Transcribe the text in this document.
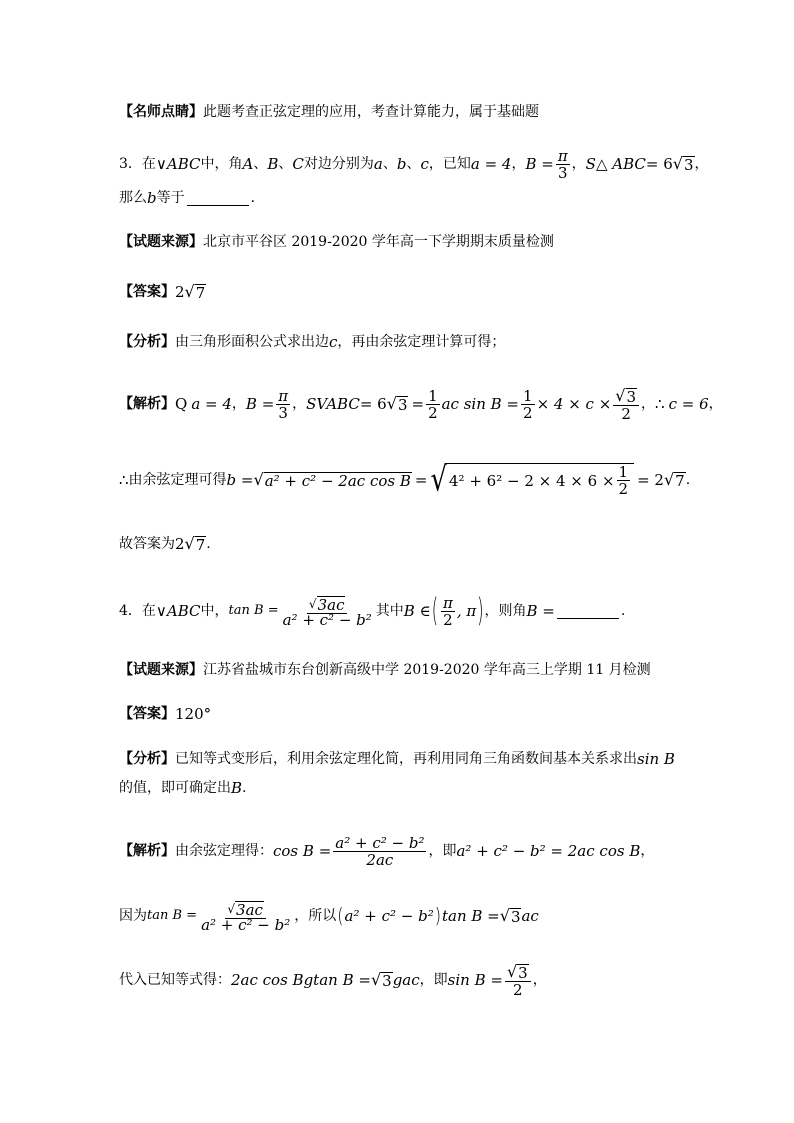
【名师点睛】 此题考查正弦定理的应用，考查计算能力，属于基础题
3． 在 ∨ ABC 中，角 A 、 B 、 C 对边分别为 a 、 b 、 c ，已知 a = 4 ， $B = \frac{\pi}{3}$ ， S △ ABC = 6 √ 3 ，
那么 b 等于	.
【试题来源】 北京市平谷区 2019-2020 学年高一下学期期末质量检测
【答案】 2 √ 7
【分析】 由三角形面积公式求出边 c ，再由余弦定理计算可得；
【解析】 Q a = 4 ， $B = \frac{\pi}{3}$ ， S VABC = 6 √ $3 = \frac{1}{2}$ ac $\sin B = \frac{1}{2} \times 4 \times c \times \frac{√ 3}{2}$ ， ∴ c = 6 ，
∴ 由余弦定理可得 b = √ a² + c² − 2ac cos B = √ $4^2 + 6^2 - 2 \times 4 \times 6 \times \frac{1}{2} = 2$ √ 7 .
故答案为 2 √ 7 .
4． 在 ∨ ABC 中， $\tan B = \frac{√ 3ac}{\text{a² + c² − b²}}$ 其中 B ∈ ( $\frac{\pi}{2}$ , π ) ，则角 B =	.
【试题来源】 江苏省盐城市东台创新高级中学 2019-2020 学年高三上学期 11 月检测
【答案】 120°
【分析】 已知等式变形后，利用余弦定理化简，再利用同角三角函数间基本关系求出 sin B
的值，即可确定出 B .
【解析】 由余弦定理得： $\cos B = \frac{\text{a² + c² − b²}}{2ac}$ ，即 a² + c² − b² = 2ac cos B ，
因为 $\tan B = \frac{√ 3ac}{\text{a² + c² − b²}}$ ，所以 ( a² + c² − b² ) tan B = √ 3 ac
代入已知等式得： 2ac cos Bgtan B = √ 3 gac ，即 $\sin B = \frac{√ 3}{2}$ ，
